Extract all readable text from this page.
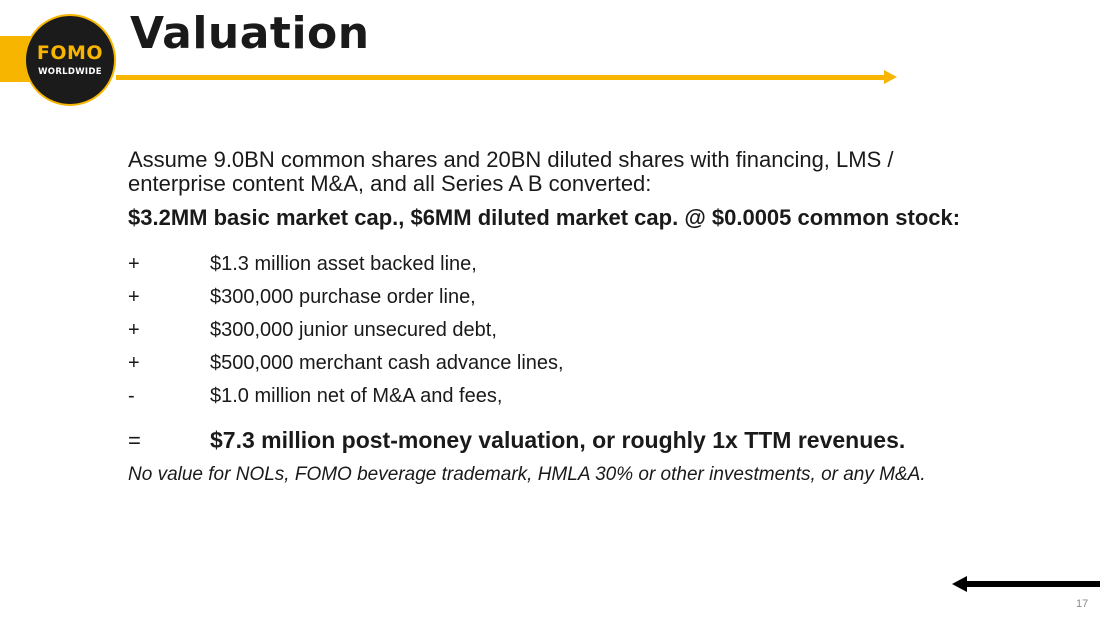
FOMO
WORLDWIDE
Valuation

Assume 9.0BN common shares and 20BN diluted shares with financing, LMS / enterprise content M&A, and all Series A B converted:

$3.2MM basic market cap., $6MM diluted market cap. @ $0.0005 common stock:

+	$1.3 million asset backed line,
+	$300,000 purchase order line,
+	$300,000 junior unsecured debt,
+	$500,000 merchant cash advance lines,
-	$1.0 million net of M&A and fees,
=	$7.3 million post-money valuation, or roughly 1x TTM revenues.
No value for NOLs, FOMO beverage trademark, HMLA 30% or other investments, or any M&A.
17
